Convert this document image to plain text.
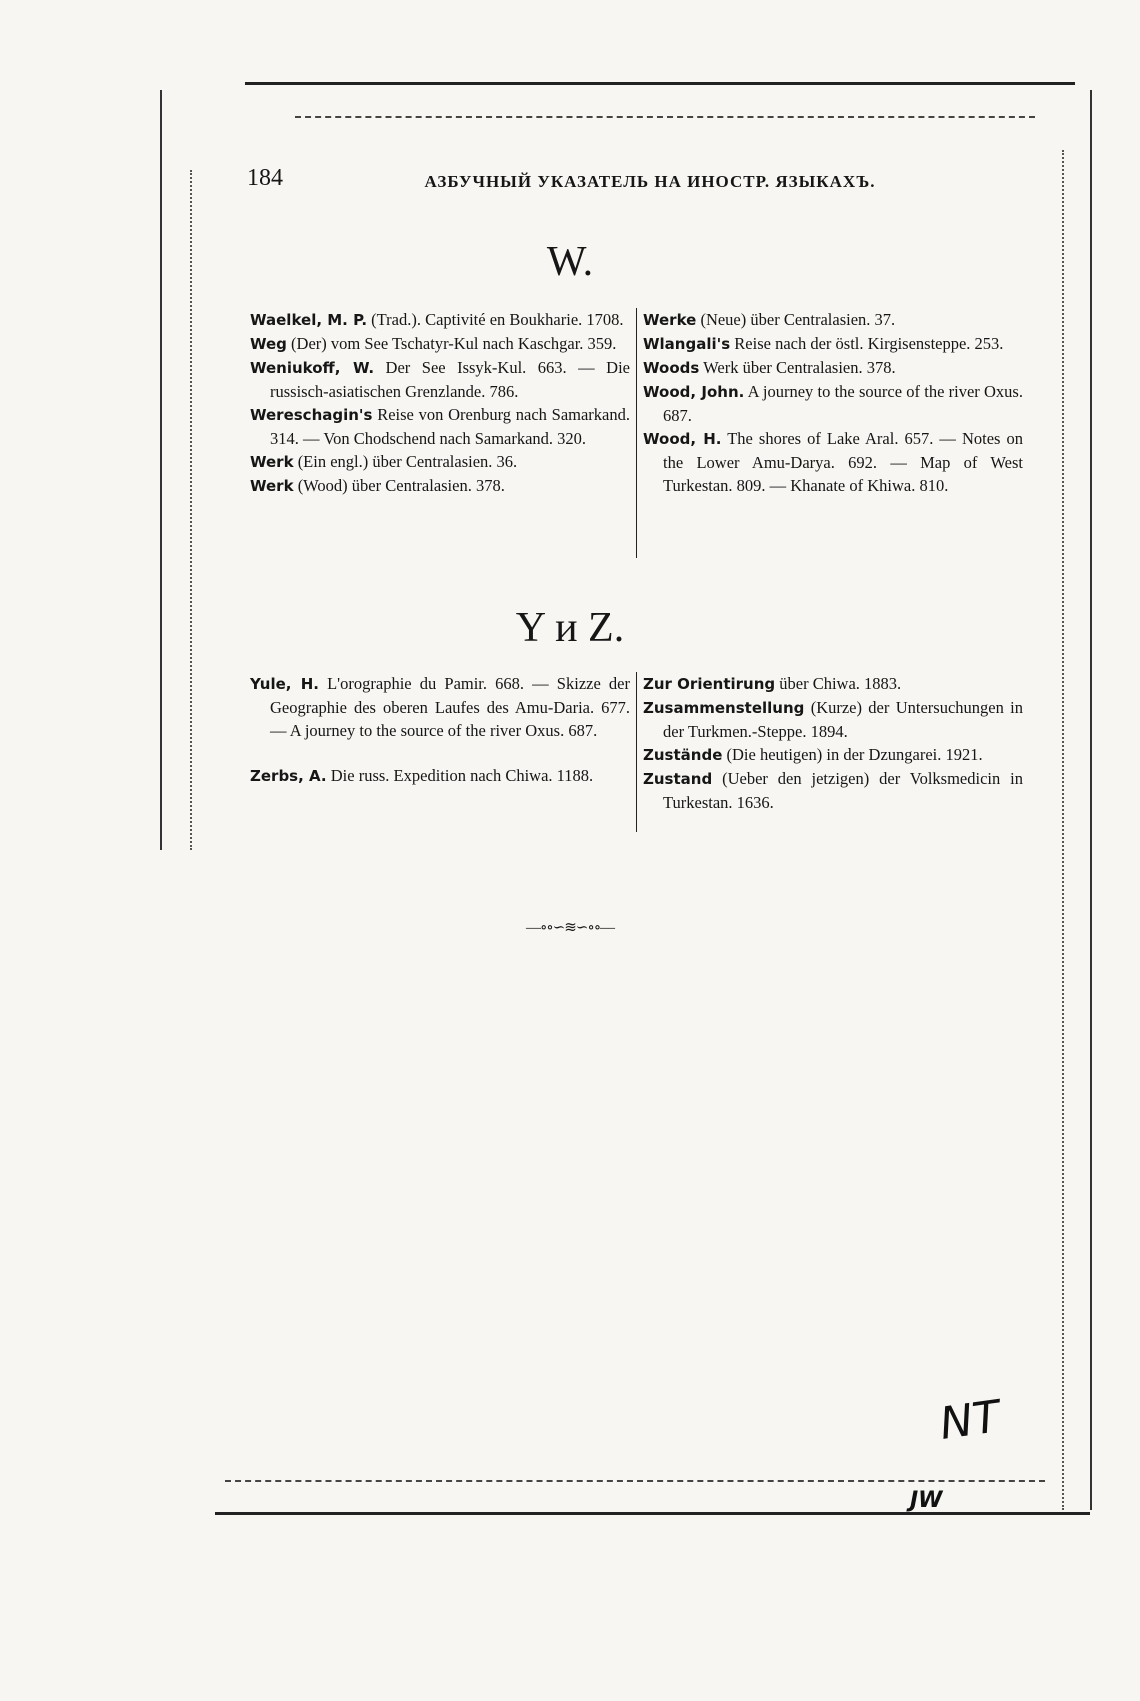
184	АЗБУЧНЫЙ УКАЗАТЕЛЬ НА ИНОСТР. ЯЗЫКАХЪ.
W.

Waelkel, M. P. (Trad.). Captivité en Boukharie. 1708.

Weg (Der) vom See Tschatyr-Kul nach Kaschgar. 359.

Weniukoff, W. Der See Issyk-Kul. 663. — Die russisch-asiatischen Grenzlande. 786.

Wereschagin's Reise von Orenburg nach Samarkand. 314. — Von Chodschend nach Samarkand. 320.

Werk (Ein engl.) über Centralasien. 36.

Werk (Wood) über Centralasien. 378.

Werke (Neue) über Centralasien. 37.

Wlangali's Reise nach der östl. Kirgisensteppe. 253.

Woods Werk über Centralasien. 378.

Wood, John. A journey to the source of the river Oxus. 687.

Wood, H. The shores of Lake Aral. 657. — Notes on the Lower Amu-Darya. 692. — Map of West Turkestan. 809. — Khanate of Khiwa. 810.

Y и Z.

Yule, H. L'orographie du Pamir. 668. — Skizze der Geographie des oberen Laufes des Amu-Daria. 677. — A journey to the source of the river Oxus. 687.

Zerbs, A. Die russ. Expedition nach Chiwa. 1188.

Zur Orientirung über Chiwa. 1883.

Zusammenstellung (Kurze) der Untersuchungen in der Turkmen.-Steppe. 1894.

Zustände (Die heutigen) in der Dzungarei. 1921.

Zustand (Ueber den jetzigen) der Volksmedicin in Turkestan. 1636.

—∘∘∽≋∽∘∘—
NT
JW
